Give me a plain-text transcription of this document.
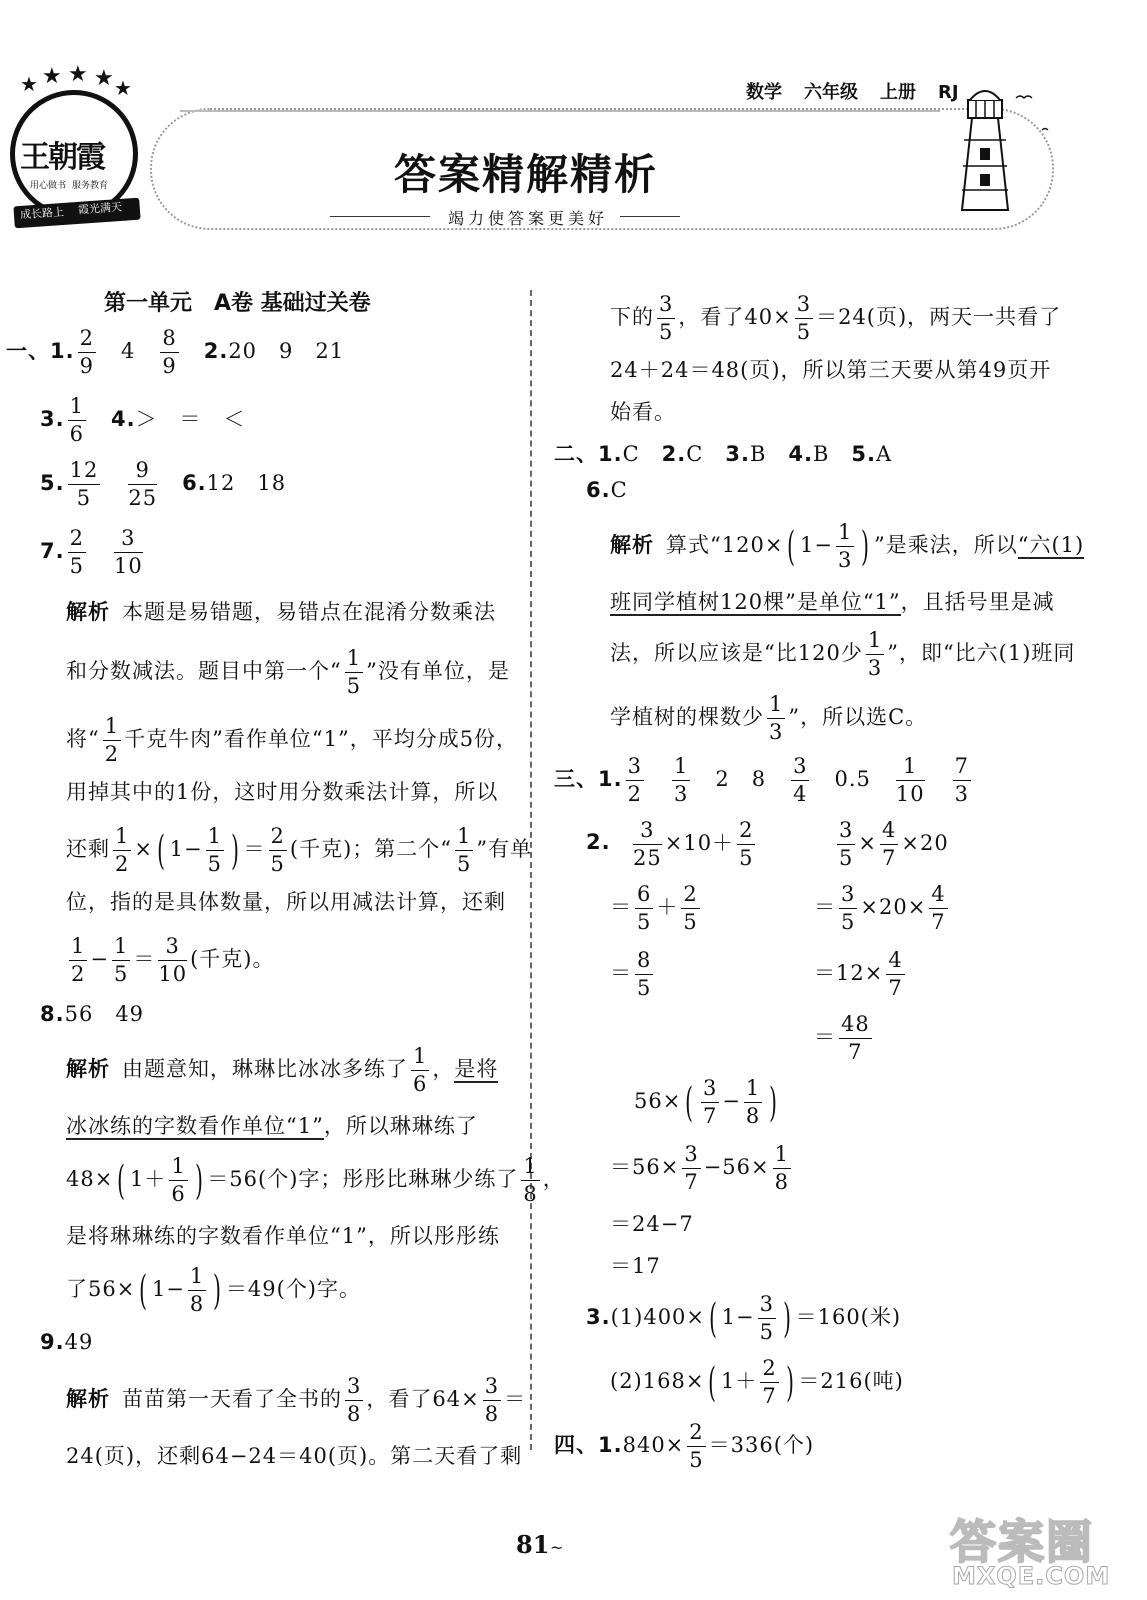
★ ★ ★ ★ ★
王朝霞
用心做书 服务教育
成长路上 霞光满天
数学 六年级 上册 RJ
答案精解精析
竭力使答案更美好
第一单元　A卷 基础过关卷
一、1. $\frac{2}{9}$ 　4　 $\frac{8}{9}$
　 2.20　9　21
3. $\frac{1}{6}$
　 4.＞　＝　＜
5. $\frac{12}{5}$
　 $\frac{9}{25}$
　 6.12　18
7. $\frac{2}{5}$
　 $\frac{3}{10}$
解析 本题是易错题，易错点在混淆分数乘法
和分数减法。题目中第一个“ $\frac{1}{5}$ ”没有单位，是
将“ $\frac{1}{2}$ 千克牛肉”看作单位“1”，平均分成5份，
用掉其中的1份，这时用分数乘法计算，所以
还剩 $\frac{1}{2}$ × ( $1- \frac{1}{5}$ ) ＝ $\frac{2}{5}$ (千克)；第二个“ $\frac{1}{5}$ ”有单
位，指的是具体数量，所以用减法计算，还剩
$\frac{1}{2} - \frac{1}{5} = \frac{3}{10}$ (千克)。
8.56　49
解析 由题意知，琳琳比冰冰多练了 $\frac{1}{6}$ ，是将
冰冰练的字数看作单位“1”，所以琳琳练了
48× ( $1+ \frac{1}{6}$ ) ＝56(个)字；彤彤比琳琳少练了 $\frac{1}{8}$ ，
是将琳琳练的字数看作单位“1”，所以彤彤练
了56× ( $1- \frac{1}{8}$ ) ＝49(个)字。
9.49
解析 苗苗第一天看了全书的 $\frac{3}{8}$ ，看了$64\times \frac{3}{8}$ ＝
24(页)，还剩64−24＝40(页)。第二天看了剩
下的 $\frac{3}{5}$ ，看了$40\times \frac{3}{5} =24$(页)，两天一共看了
24＋24＝48(页)，所以第三天要从第49页开
始看。
二、1.C　2.C　3.B　4.B　5.A
6.C
解析 算式“120× ( $1- \frac{1}{3}$ ) ”是乘法，所以“六(1)
班同学植树120棵”是单位“1”，且括号里是减
法，所以应该是“比120少 $\frac{1}{3}$ ”，即“比六(1)班同
学植树的棵数少 $\frac{1}{3}$ ”，所以选C。
三、1. $\frac{3}{2}$
　 $\frac{1}{3}$ 　2　8　 $\frac{3}{4}$ 　0.5　 $\frac{1}{10}$
　 $\frac{7}{3}$
2. $\frac{3}{25} \times 10+ \frac{2}{5}$
＝ $\frac{6}{5} + \frac{2}{5}$
＝ $\frac{8}{5}$
$\frac{3}{5} \times \frac{4}{7} \times 20$
＝ $\frac{3}{5} \times 20\times \frac{4}{7}$
$=12\times \frac{4}{7}$
＝ $\frac{48}{7}$
56× ( $\frac{3}{7} - \frac{1}{8}$ )
$=56\times \frac{3}{7} -56\times \frac{1}{8}$
＝24−7
＝17
3.(1)400× ( $1- \frac{3}{5}$ ) ＝160(米)
(2)168× ( $1+ \frac{2}{7}$ ) ＝216(吨)
四、$1.840\times \frac{2}{5} =336$(个)
81 ~	答案圈
MXQE.COM
